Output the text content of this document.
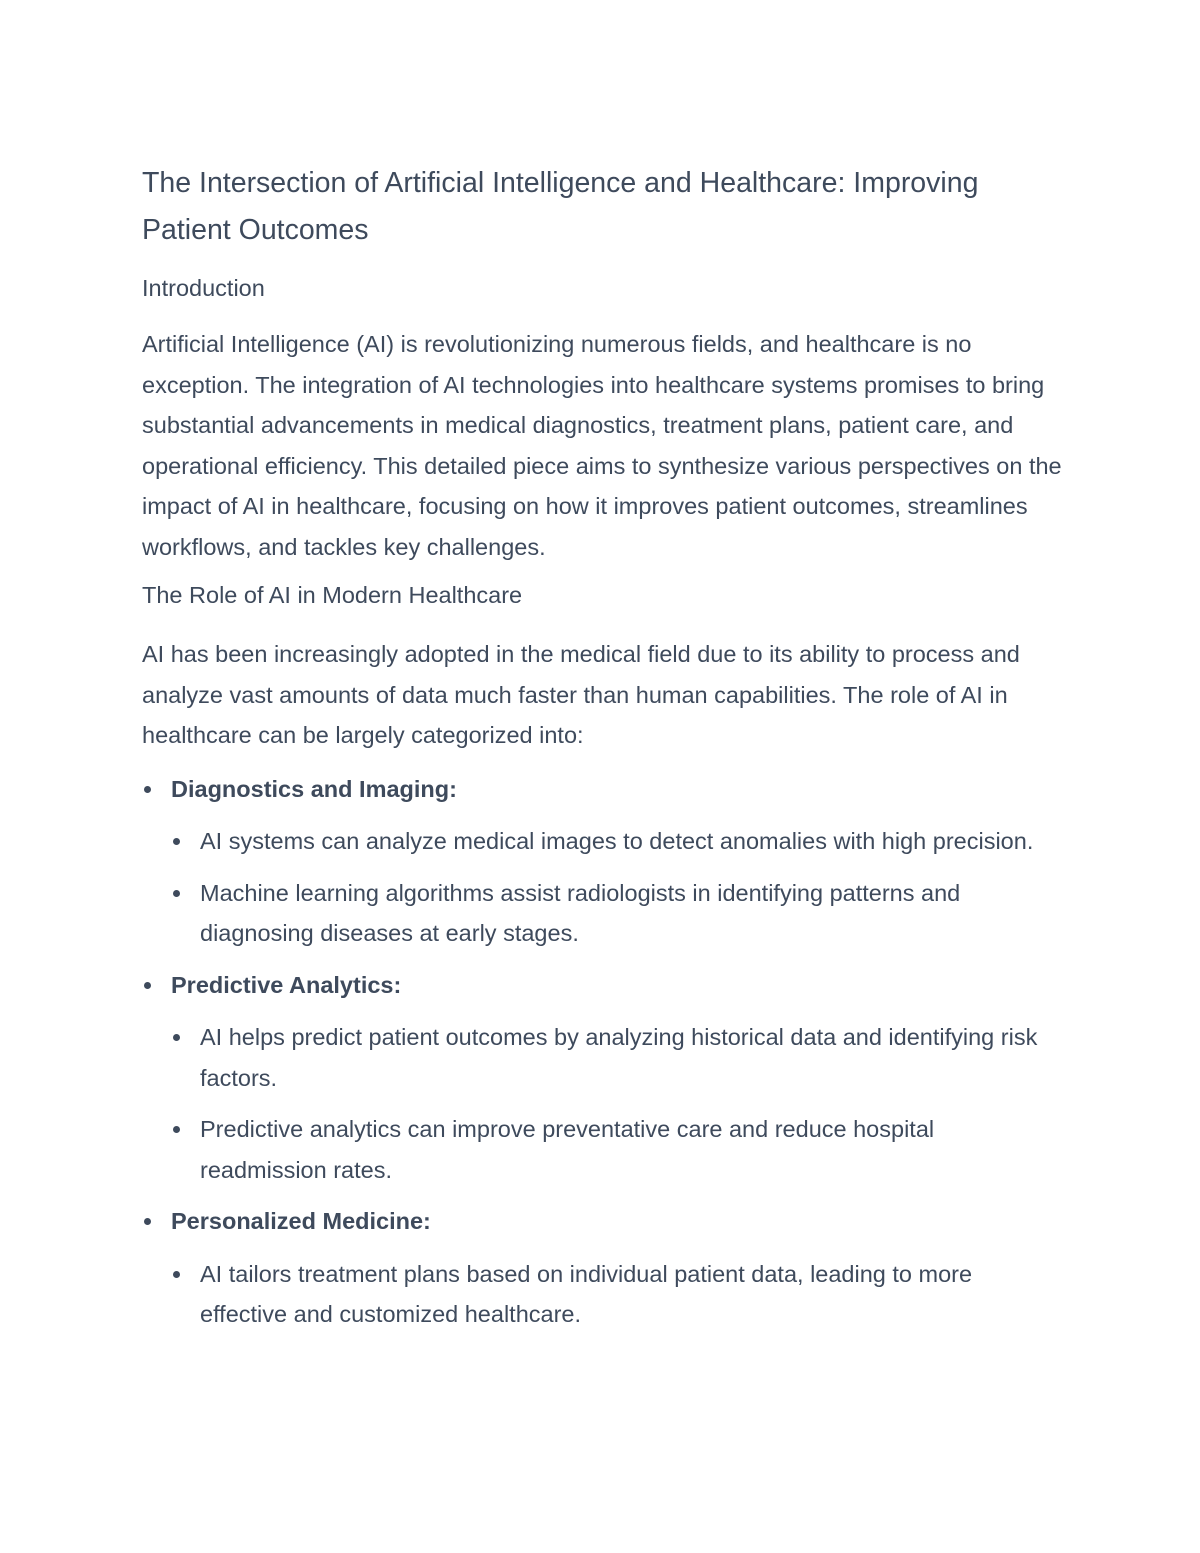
The Intersection of Artificial Intelligence and Healthcare: Improving Patient Outcomes
Introduction

Artificial Intelligence (AI) is revolutionizing numerous fields, and healthcare is no exception. The integration of AI technologies into healthcare systems promises to bring substantial advancements in medical diagnostics, treatment plans, patient care, and operational efficiency. This detailed piece aims to synthesize various perspectives on the impact of AI in healthcare, focusing on how it improves patient outcomes, streamlines workflows, and tackles key challenges.

The Role of AI in Modern Healthcare

AI has been increasingly adopted in the medical field due to its ability to process and analyze vast amounts of data much faster than human capabilities. The role of AI in healthcare can be largely categorized into:

Diagnostics and Imaging:
AI systems can analyze medical images to detect anomalies with high precision.
Machine learning algorithms assist radiologists in identifying patterns and diagnosing diseases at early stages.
Predictive Analytics:
AI helps predict patient outcomes by analyzing historical data and identifying risk factors.
Predictive analytics can improve preventative care and reduce hospital readmission rates.
Personalized Medicine:
AI tailors treatment plans based on individual patient data, leading to more effective and customized healthcare.
